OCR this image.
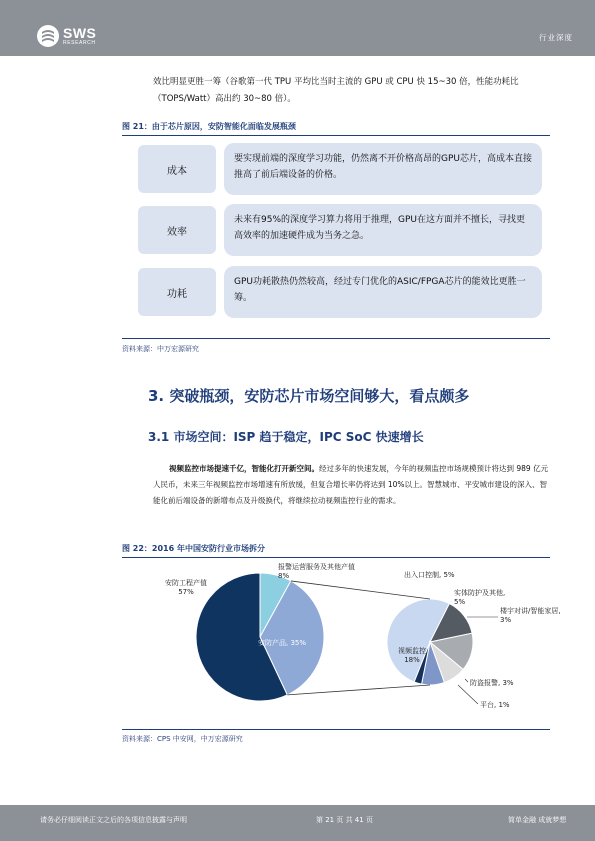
SWS
RESEARCH
行业深度

效比明显更胜一筹（谷歌第一代 TPU 平均比当时主流的 GPU 或 CPU 快 15~30 倍，性能功耗比（TOPS/Watt）高出约 30~80 倍）。

图 21：由于芯片原因，安防智能化面临发展瓶颈
成本
要实现前端的深度学习功能，仍然离不开价格高昂的GPU芯片，高成本直接推高了前后端设备的价格。
效率
未来有95%的深度学习算力将用于推理，GPU在这方面并不擅长，寻找更高效率的加速硬件成为当务之急。
功耗
GPU功耗散热仍然较高，经过专门优化的ASIC/FPGA芯片的能效比更胜一筹。
资料来源：中万宏源研究
3. 突破瓶颈，安防芯片市场空间够大，看点颇多
3.1 市场空间：ISP 趋于稳定，IPC SoC 快速增长

视频监控市场提速千亿，智能化打开新空间。经过多年的快速发展，今年的视频监控市场规模预计将达到 989 亿元人民币，未来三年视频监控市场增速有所放缓，但复合增长率仍将达到 10%以上。智慧城市、平安城市建设的深入、智能化前后端设备的新增布点及升级换代，将继续拉动视频监控行业的需求。

图 22：2016 年中国安防行业市场拆分
安防工程产值 57%
安防产品, 35%
报警运营服务及其他产值 8%
视频监控 18%
出入口控制, 5%
实体防护及其他, 5%
楼宇对讲/智能家居, 3%
防盗报警, 3%
平台, 1%
资料来源：CPS 中安网，中万宏源研究
请务必仔细阅读正文之后的各项信息披露与声明	第 21 页 共 41 页	简单金融 成就梦想
